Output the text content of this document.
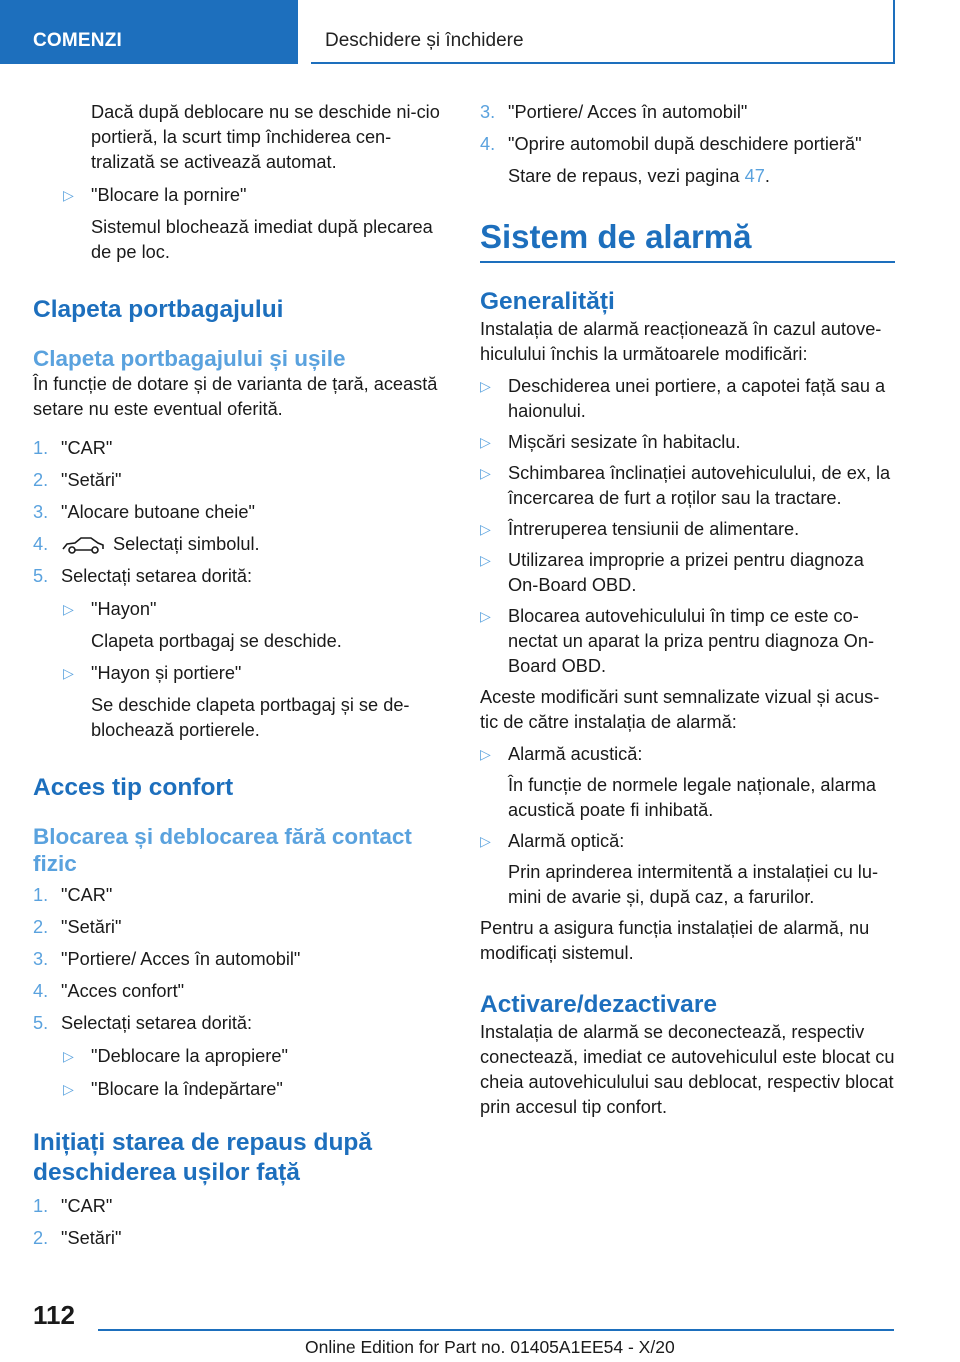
COMENZI	Deschidere și închidere

Dacă după deblocare nu se deschide ni-cio portieră, la scurt timp închiderea cen-tralizată se activează automat.

▷ "Blocare la pornire"

Sistemul blochează imediat după plecarea de pe loc.

Clapeta portbagajului
Clapeta portbagajului și ușile

În funcție de dotare și de varianta de țară, această setare nu este eventual oferită.

1. "CAR"

2. "Setări"

3. "Alocare butoane cheie"

4.	Selectați simbolul.

5. Selectați setarea dorită:

▷ "Hayon"

Clapeta portbagaj se deschide.

▷ "Hayon și portiere"

Se deschide clapeta portbagaj și se de-blochează portierele.

Acces tip confort
Blocarea și deblocarea fără contact fizic
1. "CAR"

2. "Setări"

3. "Portiere/ Acces în automobil"

4. "Acces confort"

5. Selectați setarea dorită:

▷ "Deblocare la apropiere"

▷ "Blocare la îndepărtare"

Inițiați starea de repaus după deschiderea ușilor față
1. "CAR"

2. "Setări"

3. "Portiere/ Acces în automobil"

4. "Oprire automobil după deschidere portieră"

Stare de repaus, vezi pagina 47.

Sistem de alarmă
Generalități

Instalația de alarmă reacționează în cazul autove-hiculului închis la următoarele modificări:

▷ Deschiderea unei portiere, a capotei față sau a haionului.

▷ Mișcări sesizate în habitaclu.

▷ Schimbarea înclinației autovehiculului, de ex, la încercarea de furt a roților sau la tractare.

▷ Întreruperea tensiunii de alimentare.

▷ Utilizarea improprie a prizei pentru diagnoza On-Board OBD.

▷ Blocarea autovehiculului în timp ce este co-nectat un aparat la priza pentru diagnoza On-Board OBD.

Aceste modificări sunt semnalizate vizual și acus-tic de către instalația de alarmă:

▷ Alarmă acustică:

În funcție de normele legale naționale, alarma acustică poate fi inhibată.

▷ Alarmă optică:

Prin aprinderea intermitentă a instalației cu lu-mini de avarie și, după caz, a farurilor.

Pentru a asigura funcția instalației de alarmă, nu modificați sistemul.

Activare/dezactivare

Instalația de alarmă se deconectează, respectiv conectează, imediat ce autovehiculul este blocat cu cheia autovehiculului sau deblocat, respectiv blocat prin accesul tip confort.

112
Online Edition for Part no. 01405A1EE54 - X/20
